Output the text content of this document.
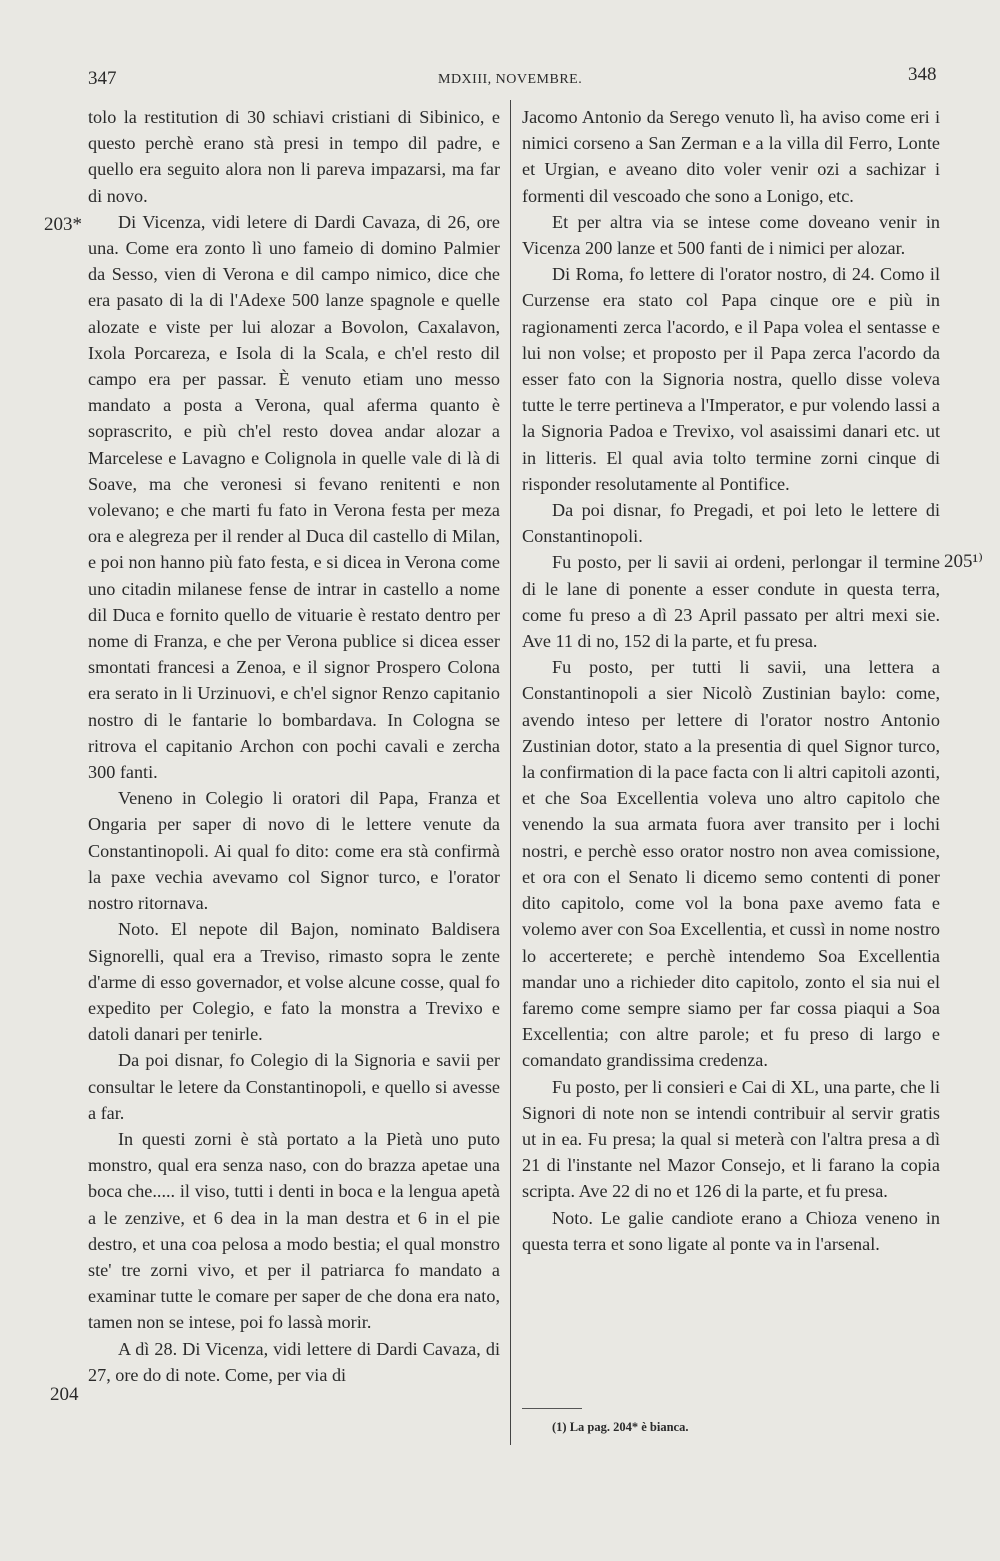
347	MDXIII, NOVEMBRE.	348
203*
204
205¹⁾

tolo la restitution di 30 schiavi cristiani di Sibinico, e questo perchè erano stà presi in tempo dil padre, e quello era seguito alora non li pareva impazarsi, ma far di novo.

Di Vicenza, vidi letere di Dardi Cavaza, di 26, ore una. Come era zonto lì uno fameio di domino Palmier da Sesso, vien di Verona e dil campo nimico, dice che era pasato di la di l'Adexe 500 lanze spagnole e quelle alozate e viste per lui alozar a Bovolon, Caxalavon, Ixola Porcareza, e Isola di la Scala, e ch'el resto dil campo era per passar. È venuto etiam uno messo mandato a posta a Verona, qual aferma quanto è soprascrito, e più ch'el resto dovea andar alozar a Marcelese e Lavagno e Colignola in quelle vale di là di Soave, ma che veronesi si fevano renitenti e non volevano; e che marti fu fato in Verona festa per meza ora e alegreza per il render al Duca dil castello di Milan, e poi non hanno più fato festa, e si dicea in Verona come uno citadin milanese fense de intrar in castello a nome dil Duca e fornito quello de vituarie è restato dentro per nome di Franza, e che per Verona publice si dicea esser smontati francesi a Zenoa, e il signor Prospero Colona era serato in li Urzinuovi, e ch'el signor Renzo capitanio nostro di le fantarie lo bombardava. In Cologna se ritrova el capitanio Archon con pochi cavali e zercha 300 fanti.

Veneno in Colegio li oratori dil Papa, Franza et Ongaria per saper di novo di le lettere venute da Constantinopoli. Ai qual fo dito: come era stà confirmà la paxe vechia avevamo col Signor turco, e l'orator nostro ritornava.

Noto. El nepote dil Bajon, nominato Baldisera Signorelli, qual era a Treviso, rimasto sopra le zente d'arme di esso governador, et volse alcune cosse, qual fo expedito per Colegio, e fato la monstra a Trevixo e datoli danari per tenirle.

Da poi disnar, fo Colegio di la Signoria e savii per consultar le letere da Constantinopoli, e quello si avesse a far.

In questi zorni è stà portato a la Pietà uno puto monstro, qual era senza naso, con do brazza apetae una boca che..... il viso, tutti i denti in boca e la lengua apetà a le zenzive, et 6 dea in la man destra et 6 in el pie destro, et una coa pelosa a modo bestia; el qual monstro ste' tre zorni vivo, et per il patriarca fo mandato a examinar tutte le comare per saper de che dona era nato, tamen non se intese, poi fo lassà morir.

A dì 28. Di Vicenza, vidi lettere di Dardi Cavaza, di 27, ore do di note. Come, per via di

Jacomo Antonio da Serego venuto lì, ha aviso come eri i nimici corseno a San Zerman e a la villa dil Ferro, Lonte et Urgian, e aveano dito voler venir ozi a sachizar i formenti dil vescoado che sono a Lonigo, etc.

Et per altra via se intese come doveano venir in Vicenza 200 lanze et 500 fanti de i nimici per alozar.

Di Roma, fo lettere di l'orator nostro, di 24. Como il Curzense era stato col Papa cinque ore e più in ragionamenti zerca l'acordo, e il Papa volea el sentasse e lui non volse; et proposto per il Papa zerca l'acordo da esser fato con la Signoria nostra, quello disse voleva tutte le terre pertineva a l'Imperator, e pur volendo lassi a la Signoria Padoa e Trevixo, vol asaissimi danari etc. ut in litteris. El qual avia tolto termine zorni cinque di risponder resolutamente al Pontifice.

Da poi disnar, fo Pregadi, et poi leto le lettere di Constantinopoli.

Fu posto, per li savii ai ordeni, perlongar il termine di le lane di ponente a esser condute in questa terra, come fu preso a dì 23 April passato per altri mexi sie. Ave 11 di no, 152 di la parte, et fu presa.

Fu posto, per tutti li savii, una lettera a Constantinopoli a sier Nicolò Zustinian baylo: come, avendo inteso per lettere di l'orator nostro Antonio Zustinian dotor, stato a la presentia di quel Signor turco, la confirmation di la pace facta con li altri capitoli azonti, et che Soa Excellentia voleva uno altro capitolo che venendo la sua armata fuora aver transito per i lochi nostri, e perchè esso orator nostro non avea comissione, et ora con el Senato li dicemo semo contenti di poner dito capitolo, come vol la bona paxe avemo fata e volemo aver con Soa Excellentia, et cussì in nome nostro lo accerterete; e perchè intendemo Soa Excellentia mandar uno a richieder dito capitolo, zonto el sia nui el faremo come sempre siamo per far cossa piaqui a Soa Excellentia; con altre parole; et fu preso di largo e comandato grandissima credenza.

Fu posto, per li consieri e Cai di XL, una parte, che li Signori di note non se intendi contribuir al servir gratis ut in ea. Fu presa; la qual si meterà con l'altra presa a dì 21 di l'instante nel Mazor Consejo, et li farano la copia scripta. Ave 22 di no et 126 di la parte, et fu presa.

Noto. Le galie candiote erano a Chioza veneno in questa terra et sono ligate al ponte va in l'arsenal.

(1) La pag. 204* è bianca.
